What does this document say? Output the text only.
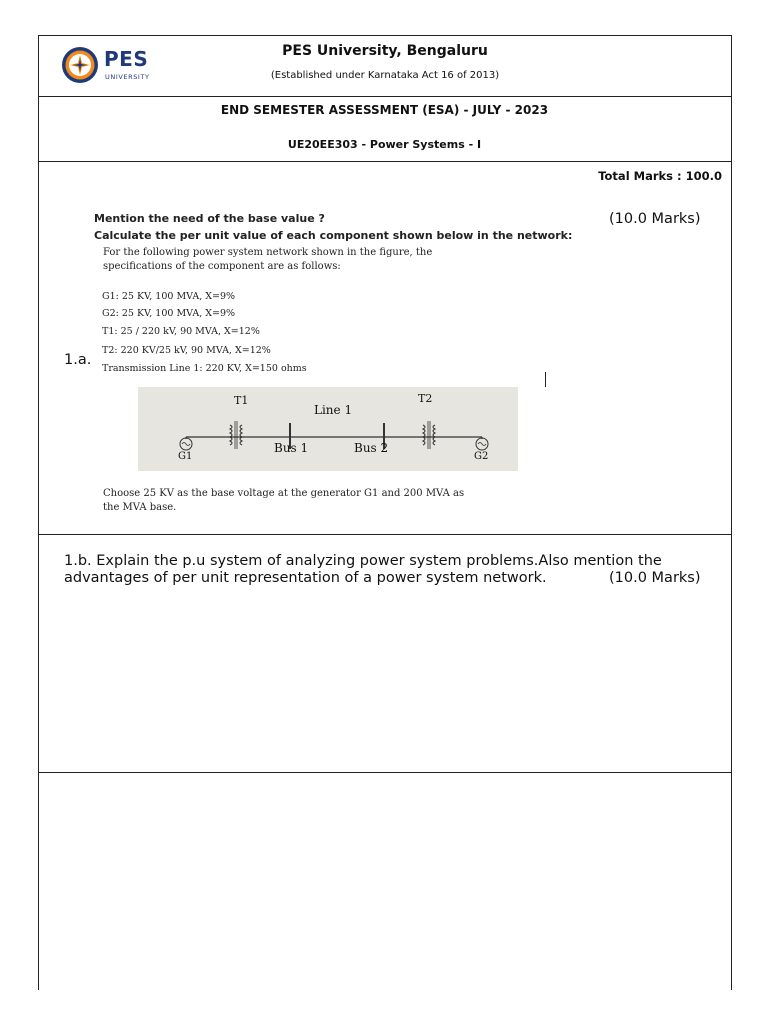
PES
UNIVERSITY
PES University, Bengaluru
(Established under Karnataka Act 16 of 2013)
END SEMESTER ASSESSMENT (ESA) - JULY - 2023
UE20EE303 - Power Systems - I
Total Marks : 100.0
1.a.
(10.0 Marks)
Mention the need of the base value ?
Calculate the per unit value of each component shown below in the network:
For the following power system network shown in the figure, the
specifications of the component are as follows:
G1: 25 KV, 100 MVA, X=9%
G2: 25 KV, 100 MVA, X=9%
T1: 25 / 220 kV, 90 MVA, X=12%
T2: 220 KV/25 kV, 90 MVA, X=12%
Transmission Line 1: 220 KV, X=150 ohms
T1
Line 1
T2
Bus 1	Bus 2
G1	G2
Choose 25 KV as the base voltage at the generator G1 and 200 MVA as
the MVA base.
1.b. Explain the p.u system of analyzing power system problems.Also mention the
advantages of per unit representation of a power system network.	(10.0 Marks)
